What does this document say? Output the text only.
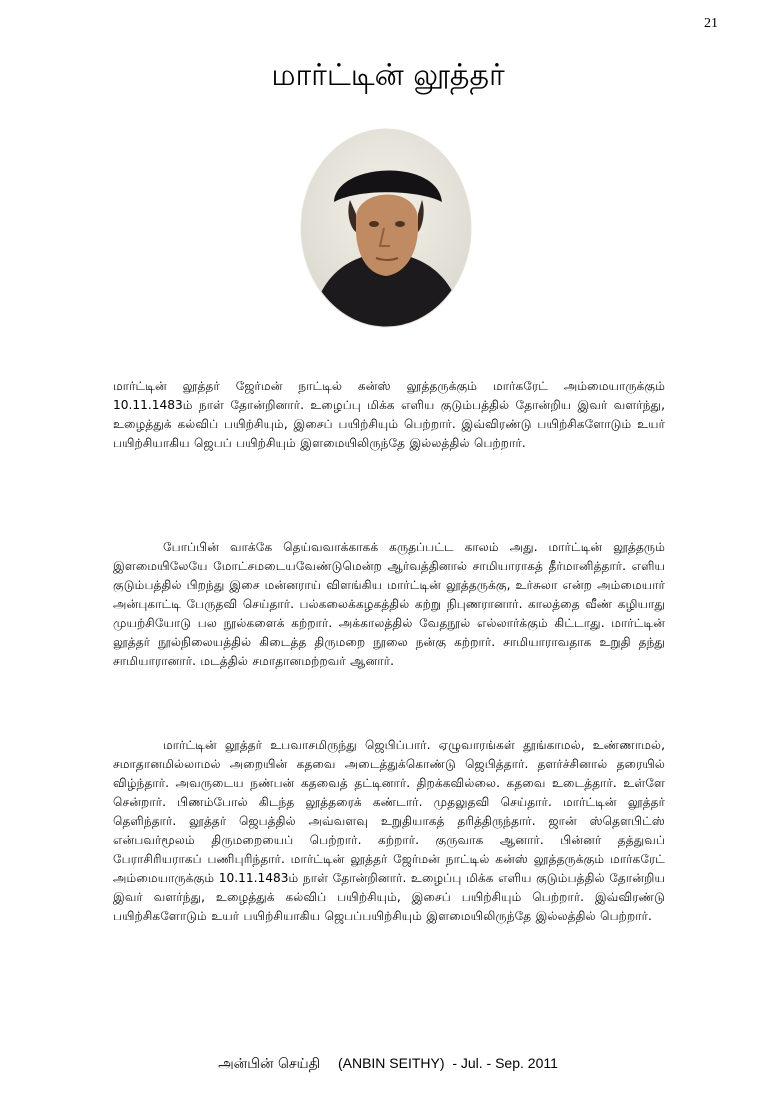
21
மார்ட்டின் லூத்தர்

மார்ட்டின் லூத்தர் ஜேர்மன் நாட்டில் கன்ஸ் லூத்தருக்கும் மார்கரேட் அம்மையாருக்கும் 10.11.1483ம் நாள் தோன்றினார். உழைப்பு மிக்க எளிய குடும்பத்தில் தோன்றிய இவர் வளர்ந்து, உழைத்துக் கல்விப் பயிற்சியும், இசைப் பயிற்சியும் பெற்றார். இவ்விரண்டு பயிற்சிகளோடும் உயர் பயிற்சியாகிய ஜெபப் பயிற்சியும் இளமையிலிருந்தே இல்லத்தில் பெற்றார்.

போப்பின் வாக்கே தெய்வவாக்காகக் கருதப்பட்ட காலம் அது. மார்ட்டின் லூத்தரும் இளமையிலேயே மோட்சமடையவேண்டுமென்ற ஆர்வத்தினால் சாமியாராகத் தீர்மானித்தார். எளிய குடும்பத்தில் பிறந்து இசை மன்னராய் விளங்கிய மார்ட்டின் லூத்தருக்கு, உர்சுலா என்ற அம்மையார் அன்புகாட்டி பேருதவி செய்தார். பல்கலைக்கழகத்தில் கற்று நிபுணரானார். காலத்தை வீண் கழியாது முயற்சியோடு பல நூல்களைக் கற்றார். அக்காலத்தில் வேதநூல் எல்லார்க்கும் கிட்டாது. மார்ட்டின் லூத்தர் நூல்நிலையத்தில் கிடைத்த திருமறை நூலை நன்கு கற்றார். சாமியாராவதாக உறுதி தந்து சாமியாரானார். மடத்தில் சமாதானமற்றவர் ஆனார்.

மார்ட்டின் லூத்தர் உபவாசமிருந்து ஜெபிப்பார். ஏழுவாரங்கள் தூங்காமல், உண்ணாமல், சமாதானமில்லாமல் அறையின் கதவை அடைத்துக்கொண்டு ஜெபித்தார். தளர்ச்சினால் தரையில் விழ்ந்தார். அவருடைய நண்பன் கதவைத் தட்டினார். திறக்கவில்லை. கதவை உடைத்தார். உள்ளே சென்றார். பிணம்போல் கிடந்த லூத்தரைக் கண்டார். முதலுதவி செய்தார். மார்ட்டின் லூத்தர் தெளிந்தார். லூத்தர் ஜெபத்தில் அவ்வளவு உறுதியாகத் தரித்திருந்தார். ஜான் ஸ்தௌபிட்ஸ் என்பவர்மூலம் திருமறையைப் பெற்றார். கற்றார். குருவாக ஆனார். பின்னர் தத்துவப் பேராசிரியராகப் பணிபுரிந்தார். மார்ட்டின் லூத்தர் ஜேர்மன் நாட்டில் கன்ஸ் லூத்தருக்கும் மார்கரேட் அம்மையாருக்கும் 10.11.1483ம் நாள் தோன்றினார். உழைப்பு மிக்க எளிய குடும்பத்தில் தோன்றிய இவர் வளர்ந்து, உழைத்துக் கல்விப் பயிற்சியும், இசைப் பயிற்சியும் பெற்றார். இவ்விரண்டு பயிற்சிகளோடும் உயர் பயிற்சியாகிய ஜெபப்பயிற்சியும் இளமையிலிருந்தே இல்லத்தில் பெற்றார்.

அன்பின் செய்தி (ANBIN SEITHY)  - Jul. - Sep. 2011
